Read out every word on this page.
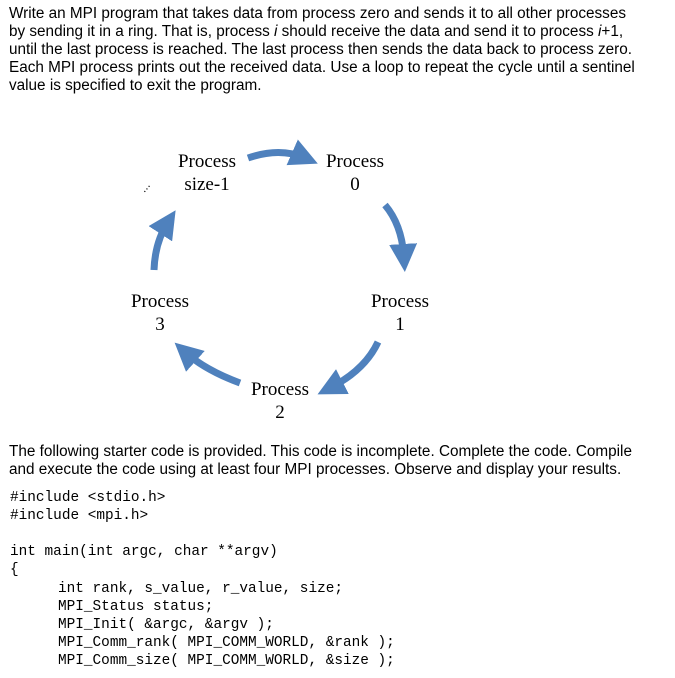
Write an MPI program that takes data from process zero and sends it to all other processes
by sending it in a ring. That is, process i should receive the data and send it to process i+1,
until the last process is reached. The last process then sends the data back to process zero.
Each MPI process prints out the received data. Use a loop to repeat the cycle until a sentinel
value is specified to exit the program.
Process
size-1
Process
0
Process
1
Process
2
Process
3
...
The following starter code is provided. This code is incomplete. Complete the code. Compile
and execute the code using at least four MPI processes. Observe and display your results.
#include <stdio.h>
#include <mpi.h>
int main(int argc, char **argv)
{
int rank, s_value, r_value, size;
MPI_Status status;
MPI_Init( &argc, &argv );
MPI_Comm_rank( MPI_COMM_WORLD, &rank );
MPI_Comm_size( MPI_COMM_WORLD, &size );
